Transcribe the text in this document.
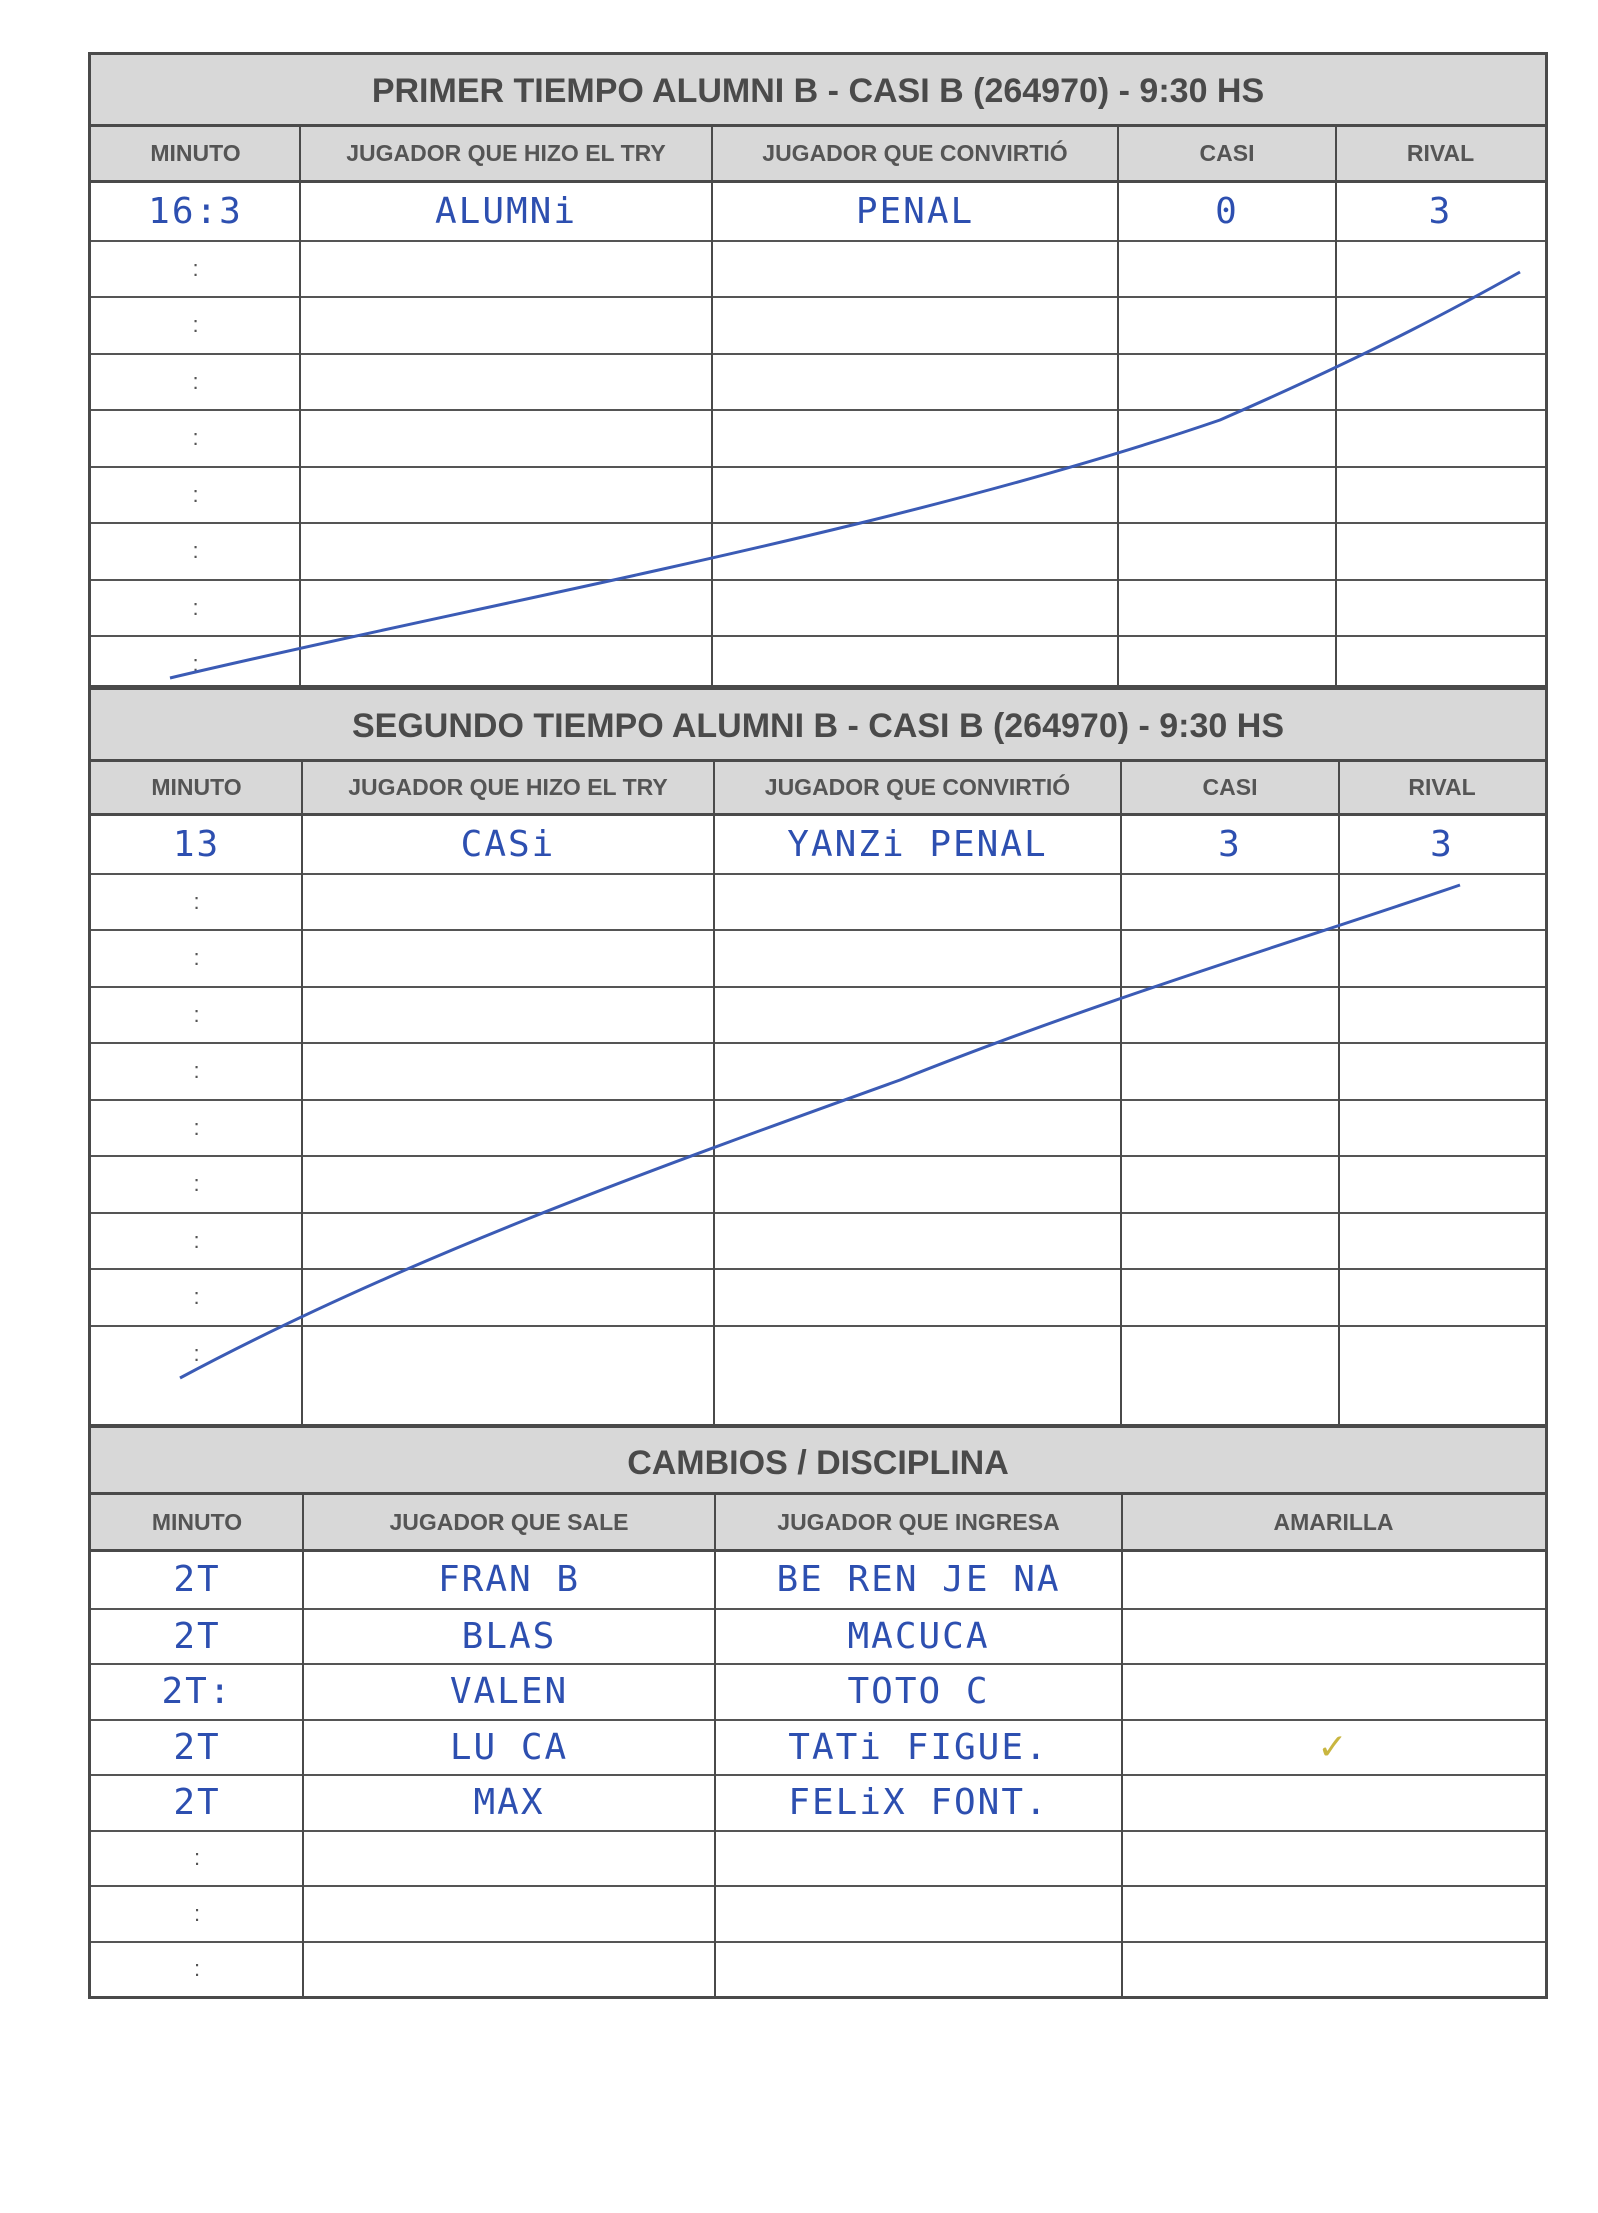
PRIMER TIEMPO ALUMNI B - CASI B (264970) - 9:30 HS
MINUTO	JUGADOR QUE HIZO EL TRY	JUGADOR QUE CONVIRTIÓ	CASI	RIVAL
16:3	ALUMNi	PENAL	0	3
:
:
:
:
:
:
:
:
SEGUNDO TIEMPO ALUMNI B - CASI B (264970) - 9:30 HS
MINUTO	JUGADOR QUE HIZO EL TRY	JUGADOR QUE CONVIRTIÓ	CASI	RIVAL
13	CASi	YANZi PENAL	3	3
:
:
:
:
:
:
:
:
:
CAMBIOS / DISCIPLINA
MINUTO	JUGADOR QUE SALE	JUGADOR QUE INGRESA	AMARILLA
2T	FRAN B	BE REN JE NA
2T	BLAS	MACUCA
2T:	VALEN	TOTO C
2T	LU CA	TATi FIGUE.	✓
2T	MAX	FELiX FONT.
:
:
:
